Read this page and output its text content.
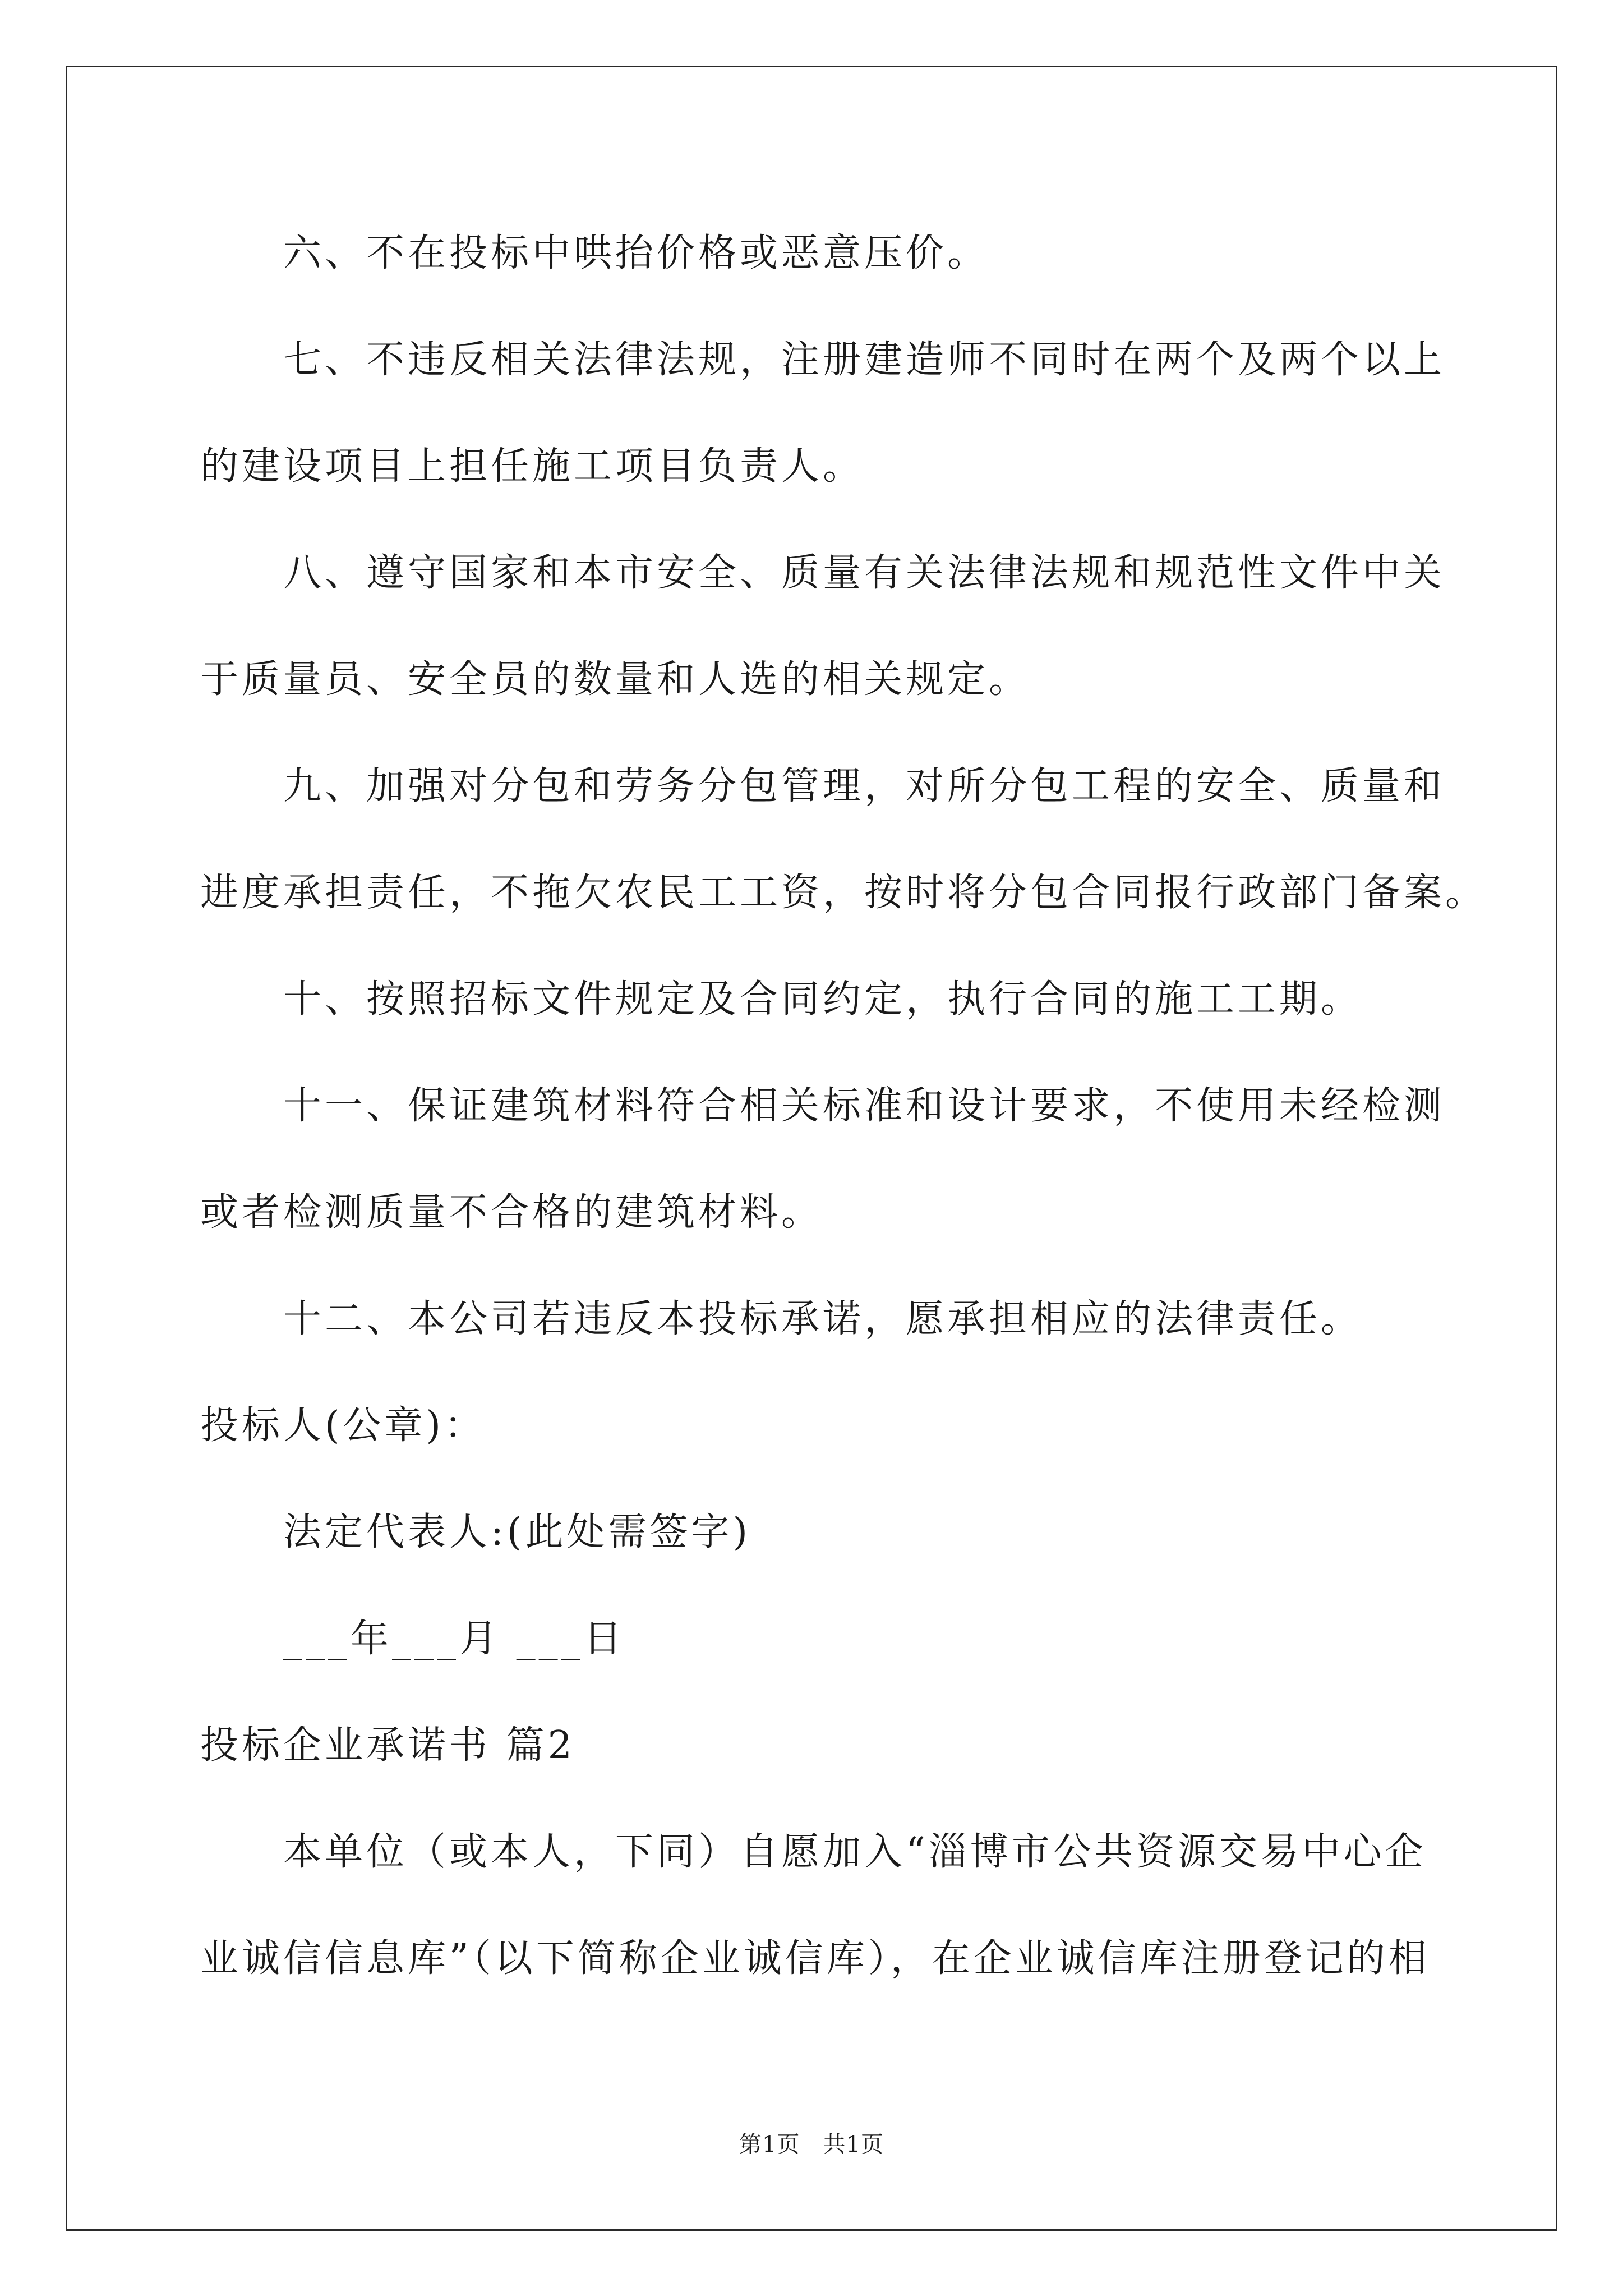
六、不在投标中哄抬价格或恶意压价。
七、不违反相关法律法规，注册建造师不同时在两个及两个以上
的建设项目上担任施工项目负责人。
八、遵守国家和本市安全、质量有关法律法规和规范性文件中关
于质量员、安全员的数量和人选的相关规定。
九、加强对分包和劳务分包管理，对所分包工程的安全、质量和
进度承担责任，不拖欠农民工工资，按时将分包合同报行政部门备案。
十、按照招标文件规定及合同约定，执行合同的施工工期。
十一、保证建筑材料符合相关标准和设计要求，不使用未经检测
或者检测质量不合格的建筑材料。
十二、本公司若违反本投标承诺，愿承担相应的法律责任。
投标人(公章)：
法定代表人:(此处需签字)
___年___月 ___日
投标企业承诺书 篇2
本单位（或本人，下同）自愿加入“淄博市公共资源交易中心企
业诚信信息库”（以下简称企业诚信库），在企业诚信库注册登记的相
第1页　共1页
